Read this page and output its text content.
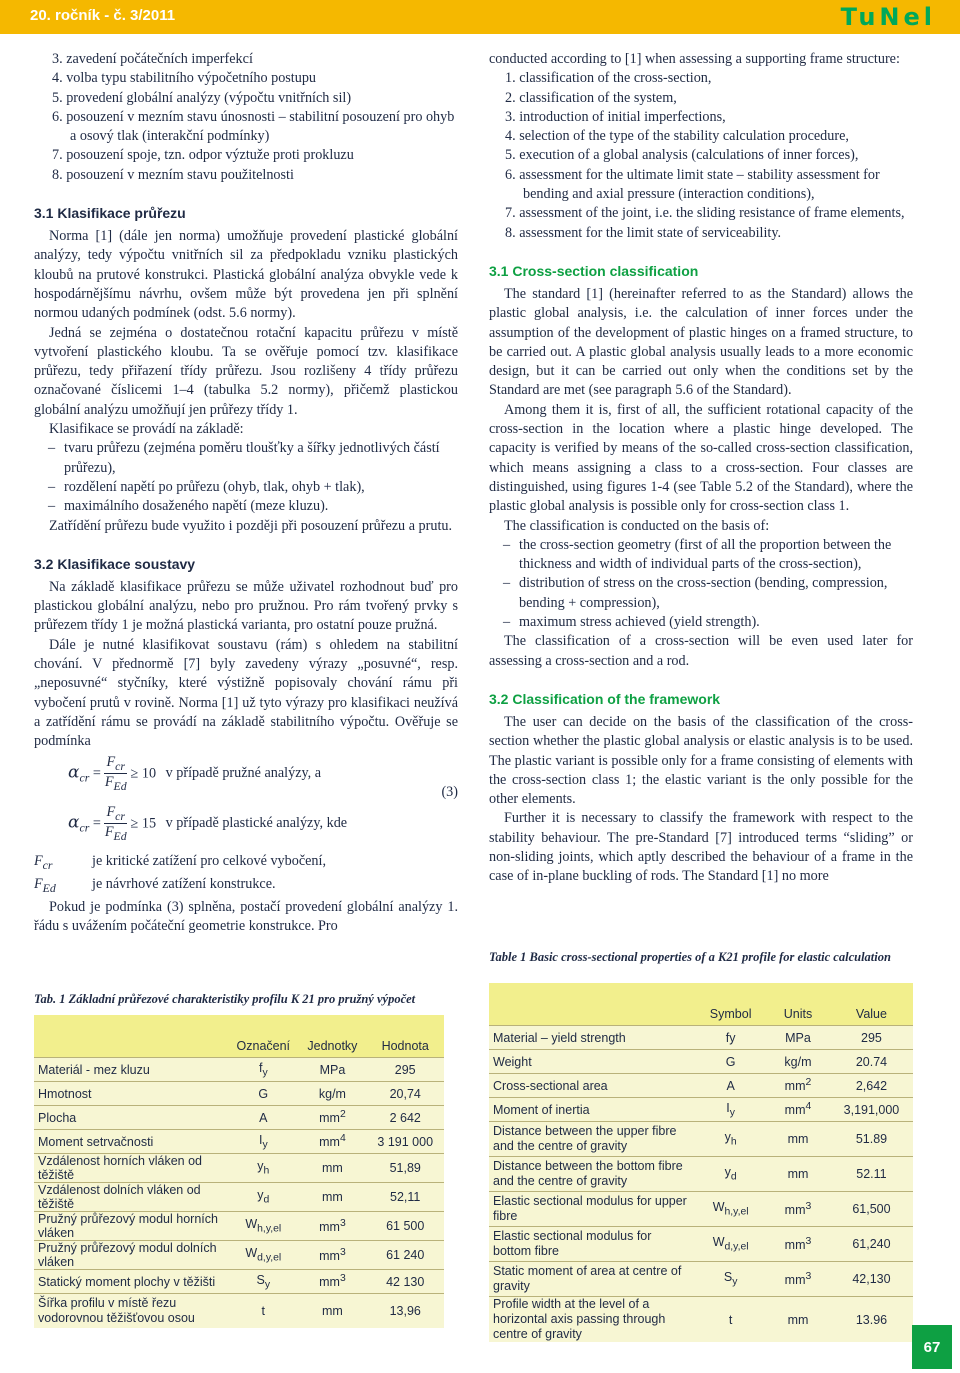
20. ročník - č. 3/2011	TuNel
3. zavedení počátečních imperfekcí
4. volba typu stabilitního výpočetního postupu
5. provedení globální analýzy (výpočtu vnitřních sil)
6. posouzení v mezním stavu únosnosti – stabilitní posouzení pro ohyb a osový tlak (interakční podmínky)
7. posouzení spoje, tzn. odpor výztuže proti prokluzu
8. posouzení v mezním stavu použitelnosti

3.1 Klasifikace průřezu

Norma [1] (dále jen norma) umožňuje provedení plastické globální analýzy, tedy výpočtu vnitřních sil za předpokladu vzniku plastických kloubů na prutové konstrukci. Plastická globální analýza obvykle vede k hospodárnějšímu návrhu, ovšem může být provedena jen při splnění normou udaných podmínek (odst. 5.6 normy).

Jedná se zejména o dostatečnou rotační kapacitu průřezu v místě vytvoření plastického kloubu. Ta se ověřuje pomocí tzv. klasifikace průřezu, tedy přiřazení třídy průřezu. Jsou rozlišeny 4 třídy průřezu označované číslicemi 1–4 (tabulka 5.2 normy), přičemž plastickou globální analýzu umožňují jen průřezy třídy 1.

Klasifikace se provádí na základě:

– tvaru průřezu (zejména poměru tloušťky a šířky jednotlivých částí průřezu),
– rozdělení napětí po průřezu (ohyb, tlak, ohyb + tlak),
– maximálního dosaženého napětí (meze kluzu).

Zatřídění průřezu bude využito i později při posouzení průřezu a prutu.

3.2 Klasifikace soustavy

Na základě klasifikace průřezu se může uživatel rozhodnout buď pro plastickou globální analýzu, nebo pro pružnou. Pro rám tvořený prvky s průřezem třídy 1 je možná plastická varianta, pro ostatní pouze pružná.

Dále je nutné klasifikovat soustavu (rám) s ohledem na stabilitní chování. V přednormě [7] byly zavedeny výrazy „posuvné“, resp. „neposuvné“ styčníky, které výstižně popisovaly chování rámu při vybočení prutů v rovině. Norma [1] už tyto výrazy pro klasifikaci neužívá a zatřídění rámu se provádí na základě stabilitního výpočtu. Ověřuje se podmínka

$\alpha_{cr}$ =
$F_{cr}$
$F_{Ed}$
≥ 10 v případě pružné analýzy, a
$\alpha_{cr}$ =
$F_{cr}$
$F_{Ed}$
≥ 15 v případě plastické analýzy, kde
(3)
$F_{cr}$	je kritické zatížení pro celkové vybočení,
$F_{Ed}$	je návrhové zatížení konstrukce.

Pokud je podmínka (3) splněna, postačí provedení globální analýzy 1. řádu s uvážením počáteční geometrie konstrukce. Pro

conducted according to [1] when assessing a supporting frame structure:

1. classification of the cross-section,
2. classification of the system,
3. introduction of initial imperfections,
4. selection of the type of the stability calculation procedure,
5. execution of a global analysis (calculations of inner forces),
6. assessment for the ultimate limit state – stability assessment for bending and axial pressure (interaction conditions),
7. assessment of the joint, i.e. the sliding resistance of frame elements,
8. assessment for the limit state of serviceability.

3.1 Cross-section classification

The standard [1] (hereinafter referred to as the Standard) allows the plastic global analysis, i.e. the calculation of inner forces under the assumption of the development of plastic hinges on a framed structure, to be carried out. A plastic global analysis usually leads to a more economic design, but it can be carried out only when the conditions set by the Standard are met (see paragraph 5.6 of the Standard).

Among them it is, first of all, the sufficient rotational capacity of the cross-section in the location where a plastic hinge developed. The capacity is verified by means of the so-called cross-section classification, which means assigning a class to a cross-section. Four classes are distinguished, using figures 1-4 (see Table 5.2 of the Standard), where the plastic global analysis is possible only for cross-section class 1.

The classification is conducted on the basis of:

– the cross-section geometry (first of all the proportion between the thickness and width of individual parts of the cross-section),
– distribution of stress on the cross-section (bending, compression, bending + compression),
– maximum stress achieved (yield strength).

The classification of a cross-section will be even used later for assessing a cross-section and a rod.

3.2 Classification of the framework

The user can decide on the basis of the classification of the cross-section whether the plastic global analysis or elastic analysis is to be used. The plastic variant is possible only for a frame consisting of elements with the cross-section class 1; the elastic variant is the only possible for the other elements.

Further it is necessary to classify the framework with respect to the stability behaviour. The pre-Standard [7] introduced terms “sliding” or non-sliding joints, which aptly described the behaviour of a frame in the case of in-plane buckling of rods. The Standard [1] no more

Tab. 1 Základní průřezové charakteristiky profilu K 21 pro pružný výpočet
	Označení	Jednotky	Hodnota
Materiál - mez kluzu	$f_y$	MPa	295
Hmotnost	G	kg/m	20,74
Plocha	A	$mm^2$	2 642
Moment setrvačnosti	$I_y$	$mm^4$	3 191 000
Vzdálenost horních vláken od těžiště	$y_h$	mm	51,89
Vzdálenost dolních vláken od těžiště	$y_d$	mm	52,11
Pružný průřezový modul horních vláken	$W_{h,y,el}$	$mm^3$	61 500
Pružný průřezový modul dolních vláken	$W_{d,y,el}$	$mm^3$	61 240
Statický moment plochy v těžišti	$S_y$	$mm^3$	42 130
Šířka profilu v místě řezu vodorovnou těžišťovou osou	t	mm	13,96
Table 1 Basic cross-sectional properties of a K21 profile for elastic calculation
	Symbol	Units	Value
Material – yield strength	fy	MPa	295
Weight	G	kg/m	20.74
Cross-sectional area	A	$mm^2$	2,642
Moment of inertia	$I_y$	$mm^4$	3,191,000
Distance between the upper fibre and the centre of gravity	$y_h$	mm	51.89
Distance between the bottom fibre and the centre of gravity	$y_d$	mm	52.11
Elastic sectional modulus for upper fibre	$W_{h,y,el}$	$mm^3$	61,500
Elastic sectional modulus for bottom fibre	$W_{d,y,el}$	$mm^3$	61,240
Static moment of area at centre of gravity	$S_y$	$mm^3$	42,130
Profile width at the level of a horizontal axis passing through centre of gravity	t	mm	13.96
67
